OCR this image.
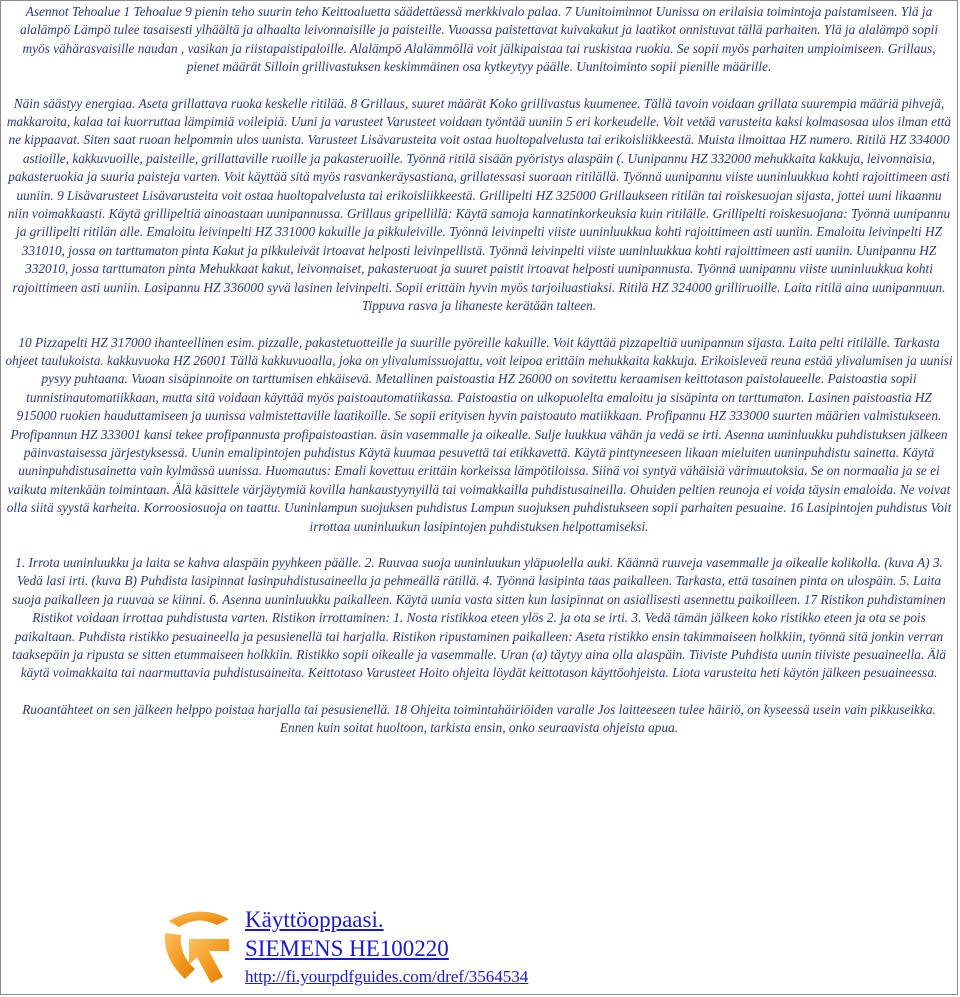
Asennot Tehoalue 1 Tehoalue 9 pienin teho suurin teho Keittoaluetta säädettäessä merkkivalo palaa. 7 Uunitoiminnot Uunissa on erilaisia toimintoja paistamiseen. Ylä ja alalämpö Lämpö tulee tasaisesti ylhäältä ja alhaalta leivonnaisille ja paisteille. Vuoassa paistettavat kuivakakut ja laatikot onnistuvat tällä parhaiten. Ylä ja alalämpö sopii myös vähärasvaisille naudan , vasikan ja riistapaistipaloille. Alalämpö Alalämmöllä voit jälkipaistaa tai ruskistaa ruokia. Se sopii myös parhaiten umpioimiseen. Grillaus, pienet määrät Silloin grillivastuksen keskimmäinen osa kytkeytyy päälle. Uunitoiminto sopii pienille määrille.

Näin säästyy energiaa. Aseta grillattava ruoka keskelle ritilää. 8 Grillaus, suuret määrät Koko grillivastus kuumenee. Tällä tavoin voidaan grillata suurempia määriä pihvejä, makkaroita, kalaa tai kuorruttaa lämpimiä voileipiä. Uuni ja varusteet Varusteet voidaan työntää uuniin 5 eri korkeudelle. Voit vetää varusteita kaksi kolmasosaa ulos ilman että ne kippaavat. Siten saat ruoan helpommin ulos uunista. Varusteet Lisävarusteita voit ostaa huoltopalvelusta tai erikoisliikkeestä. Muista ilmoittaa HZ numero. Ritilä HZ 334000 astioille, kakkuvuoille, paisteille, grillattaville ruoille ja pakasteruoille. Työnnä ritilä sisään pyöristys alaspäin (. Uunipannu HZ 332000 mehukkaita kakkuja, leivonnaisia, pakasteruokia ja suuria paisteja varten. Voit käyttää sitä myös rasvankeräysastiana, grillatessasi suoraan ritilällä. Työnnä uunipannu viiste uuninluukkua kohti rajoittimeen asti uuniin. 9 Lisävarusteet Lisävarusteita voit ostaa huoltopalvelusta tai erikoisliikkeestä. Grillipelti HZ 325000 Grillaukseen ritilän tai roiskesuojan sijasta, jottei uuni likaannu niin voimakkaasti. Käytä grillipeltiä ainoastaan uunipannussa. Grillaus gripellillä: Käytä samoja kannatinkorkeuksia kuin ritilälle. Grillipelti roiskesuojana: Työnnä uunipannu ja grillipelti ritilän alle. Emaloitu leivinpelti HZ 331000 kakuille ja pikkuleiville. Työnnä leivinpelti viiste uuninluukkua kohti rajoittimeen asti uuniin. Emaloitu leivinpelti HZ 331010, jossa on tarttumaton pinta Kakut ja pikkuleivät irtoavat helposti leivinpellistä. Työnnä leivinpelti viiste uuninluukkua kohti rajoittimeen asti uuniin. Uunipannu HZ 332010, jossa tarttumaton pinta Mehukkaat kakut, leivonnaiset, pakasteruoat ja suuret paistit irtoavat helposti uunipannusta. Työnnä uunipannu viiste uuninluukkua kohti rajoittimeen asti uuniin. Lasipannu HZ 336000 syvä lasinen leivinpelti. Sopii erittäin hyvin myös tarjoiluastiaksi. Ritilä HZ 324000 grilliruoille. Laita ritilä aina uunipannuun. Tippuva rasva ja lihaneste kerätään talteen.

10 Pizzapelti HZ 317000 ihanteellinen esim. pizzalle, pakastetuotteille ja suurille pyöreille kakuille. Voit käyttää pizzapeltiä uunipannun sijasta. Laita pelti ritilälle. Tarkasta ohjeet taulukoista. kakkuvuoka HZ 26001 Tällä kakkuvuoalla, joka on ylivalumissuojattu, voit leipoa erittäin mehukkaita kakkuja. Erikoisleveä reuna estää ylivalumisen ja uunisi pysyy puhtaana. Vuoan sisäpinnoite on tarttumisen ehkäisevä. Metallinen paistoastia HZ 26000 on sovitettu keraamisen keittotason paistolaueelle. Paistoastia sopii tunnistinautomatiikkaan, mutta sitä voidaan käyttää myös paistoautomatiikassa. Paistoastia on ulkopuolelta emaloitu ja sisäpinta on tarttumaton. Lasinen paistoastia HZ 915000 ruokien hauduttamiseen ja uunissa valmistettaville laatikoille. Se sopii erityisen hyvin paistoauto matiikkaan. Profipannu HZ 333000 suurten määrien valmistukseen. Profipannun HZ 333001 kansi tekee profipannusta profipaistoastian. äsin vasemmalle ja oikealle. Sulje luukkua vähän ja vedä se irti. Asenna uuninluukku puhdistuksen jälkeen päinvastaisessa järjestyksessä. Uunin emalipintojen puhdistus Käytä kuumaa pesuvettä tai etikkavettä. Käytä pinttyneeseen likaan mieluiten uuninpuhdistu sainetta. Käytä uuninpuhdistusainetta vain kylmässä uunissa. Huomautus: Emali kovettuu erittäin korkeissa lämpötiloissa. Siinä voi syntyä vähäisiä värimuutoksia. Se on normaalia ja se ei vaikuta mitenkään toimintaan. Älä käsittele värjäytymiä kovilla hankaustyynyillä tai voimakkailla puhdistusaineilla. Ohuiden peltien reunoja ei voida täysin emaloida. Ne voivat olla siitä syystä karheita. Korroosiosuoja on taattu. Uuninlampun suojuksen puhdistus Lampun suojuksen puhdistukseen sopii parhaiten pesuaine. 16 Lasipintojen puhdistus Voit irrottaa uuninluukun lasipintojen puhdistuksen helpottamiseksi.

1. Irrota uuninluukku ja laita se kahva alaspäin pyyhkeen päälle. 2. Ruuvaa suoja uuninluukun yläpuolella auki. Käännä ruuveja vasemmalle ja oikealle kolikolla. (kuva A) 3. Vedä lasi irti. (kuva B) Puhdista lasipinnat lasinpuhdistusaineella ja pehmeällä rätillä. 4. Työnnä lasipinta taas paikalleen. Tarkasta, että tasainen pinta on ulospäin. 5. Laita suoja paikalleen ja ruuvaa se kiinni. 6. Asenna uuninluukku paikalleen. Käytä uunia vasta sitten kun lasipinnat on asiallisesti asennettu paikoilleen. 17 Ristikon puhdistaminen Ristikot voidaan irrottaa puhdistusta varten. Ristikon irrottaminen: 1. Nosta ristikkoa eteen ylös 2. ja ota se irti. 3. Vedä tämän jälkeen koko ristikko eteen ja ota se pois paikaltaan. Puhdista ristikko pesuaineella ja pesusienellä tai harjalla. Ristikon ripustaminen paikalleen: Aseta ristikko ensin takimmaiseen holkkiin, työnnä sitä jonkin verran taaksepäin ja ripusta se sitten etummaiseen holkkiin. Ristikko sopii oikealle ja vasemmalle. Uran (a) täytyy aina olla alaspäin. Tiiviste Puhdista uunin tiiviste pesuaineella. Älä käytä voimakkaita tai naarmuttavia puhdistusaineita. Keittotaso Varusteet Hoito ohjeita löydät keittotason käyttöohjeista. Liota varusteita heti käytön jälkeen pesuaineessa.

Ruoantähteet on sen jälkeen helppo poistaa harjalla tai pesusienellä. 18 Ohjeita toimintahäiriöiden varalle Jos laitteeseen tulee häiriö, on kyseessä usein vain pikkuseikka. Ennen kuin soitat huoltoon, tarkista ensin, onko seuraavista ohjeista apua.

Käyttöoppaasi.
SIEMENS HE100220
http://fi.yourpdfguides.com/dref/3564534
